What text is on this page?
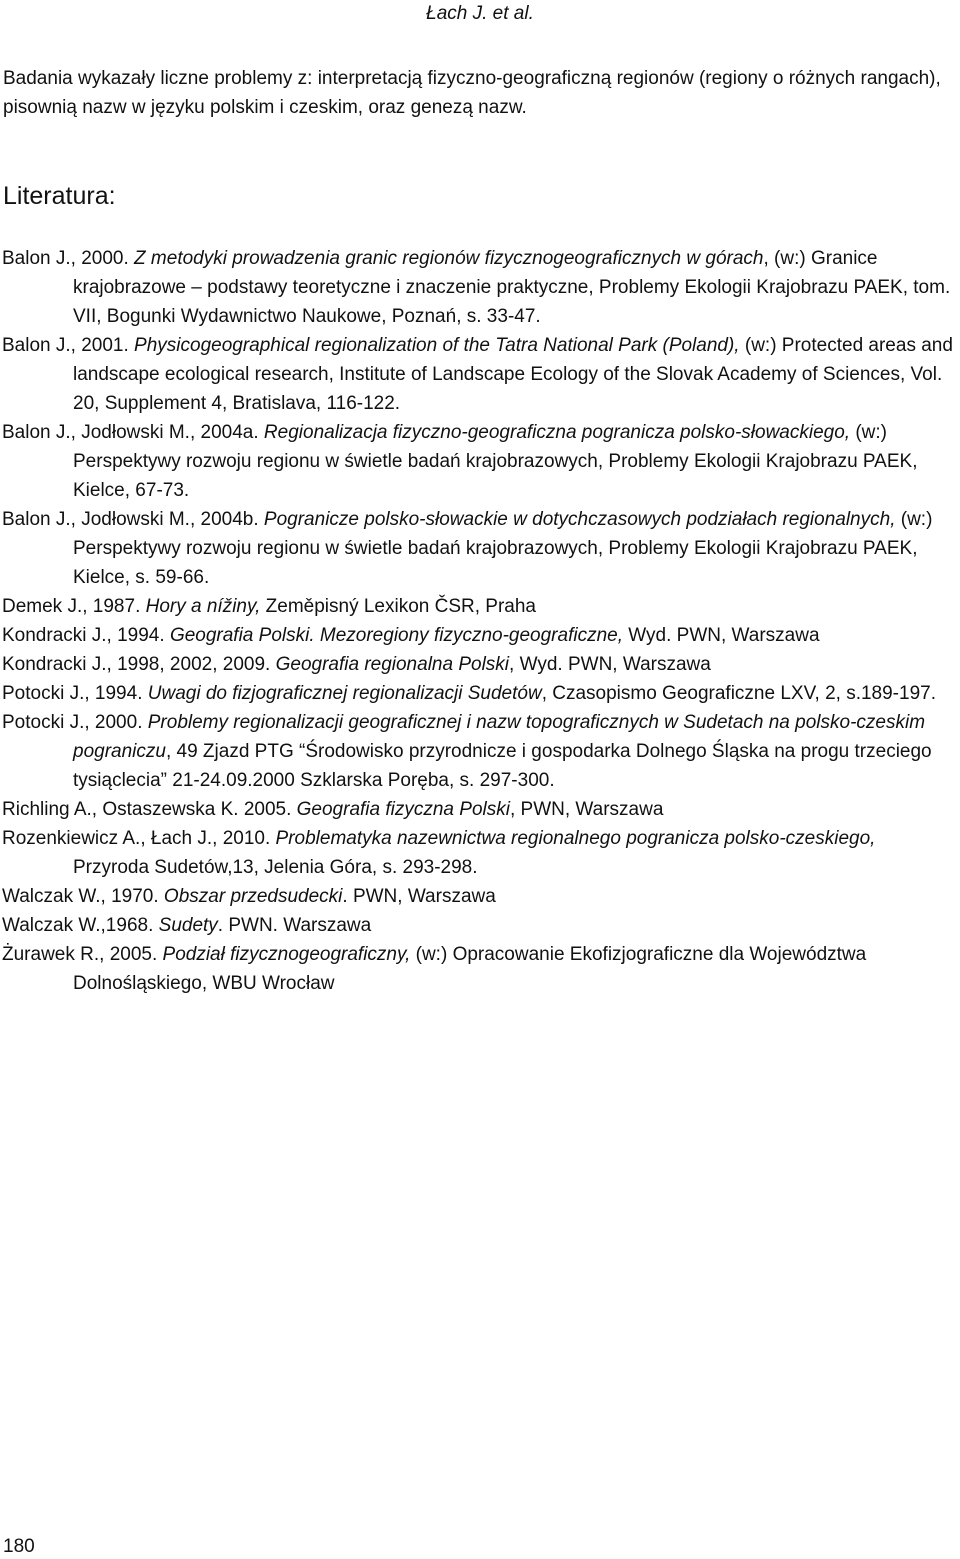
Łach J. et al.

Badania wykazały liczne problemy z: interpretacją fizyczno-geograficzną regionów (regiony o różnych rangach), pisownią nazw w języku polskim i czeskim, oraz genezą nazw.

Literatura:
Balon J., 2000. Z metodyki prowadzenia granic regionów fizycznogeograficznych w górach, (w:) Granice krajobrazowe – podstawy teoretyczne i znaczenie praktyczne, Problemy Ekologii Krajobrazu PAEK, tom. VII, Bogunki Wydawnictwo Naukowe, Poznań, s. 33-47.
Balon J., 2001. Physicogeographical regionalization of the Tatra National Park (Poland), (w:) Protected areas and landscape ecological research, Institute of Landscape Ecology of the Slovak Academy of Sciences, Vol. 20, Supplement 4, Bratislava, 116-122.
Balon J., Jodłowski M., 2004a. Regionalizacja fizyczno-geograficzna pogranicza polsko-słowackiego, (w:) Perspektywy rozwoju regionu w świetle badań krajobrazowych, Problemy Ekologii Krajobrazu PAEK, Kielce, 67-73.
Balon J., Jodłowski M., 2004b. Pogranicze polsko-słowackie w dotychczasowych podziałach regionalnych, (w:) Perspektywy rozwoju regionu w świetle badań krajobrazowych, Problemy Ekologii Krajobrazu PAEK, Kielce, s. 59-66.
Demek J., 1987. Hory a nížiny, Zeměpisný Lexikon ČSR, Praha
Kondracki J., 1994. Geografia Polski. Mezoregiony fizyczno-geograficzne, Wyd. PWN, Warszawa
Kondracki J., 1998, 2002, 2009. Geografia regionalna Polski, Wyd. PWN, Warszawa
Potocki J., 1994. Uwagi do fizjograficznej regionalizacji Sudetów, Czasopismo Geograficzne LXV, 2, s.189-197.
Potocki J., 2000. Problemy regionalizacji geograficznej i nazw topograficznych w Sudetach na polsko-czeskim pograniczu, 49 Zjazd PTG “Środowisko przyrodnicze i gospodarka Dolnego Śląska na progu trzeciego tysiąclecia” 21-24.09.2000 Szklarska Poręba, s. 297-300.
Richling A., Ostaszewska K. 2005. Geografia fizyczna Polski, PWN, Warszawa
Rozenkiewicz A., Łach J., 2010. Problematyka nazewnictwa regionalnego pogranicza polsko-czeskiego, Przyroda Sudetów,13, Jelenia Góra, s. 293-298.
Walczak W., 1970. Obszar przedsudecki. PWN, Warszawa
Walczak W.,1968. Sudety. PWN. Warszawa
Żurawek R., 2005. Podział fizycznogeograficzny, (w:) Opracowanie Ekofizjograficzne dla Województwa Dolnośląskiego, WBU Wrocław
180
